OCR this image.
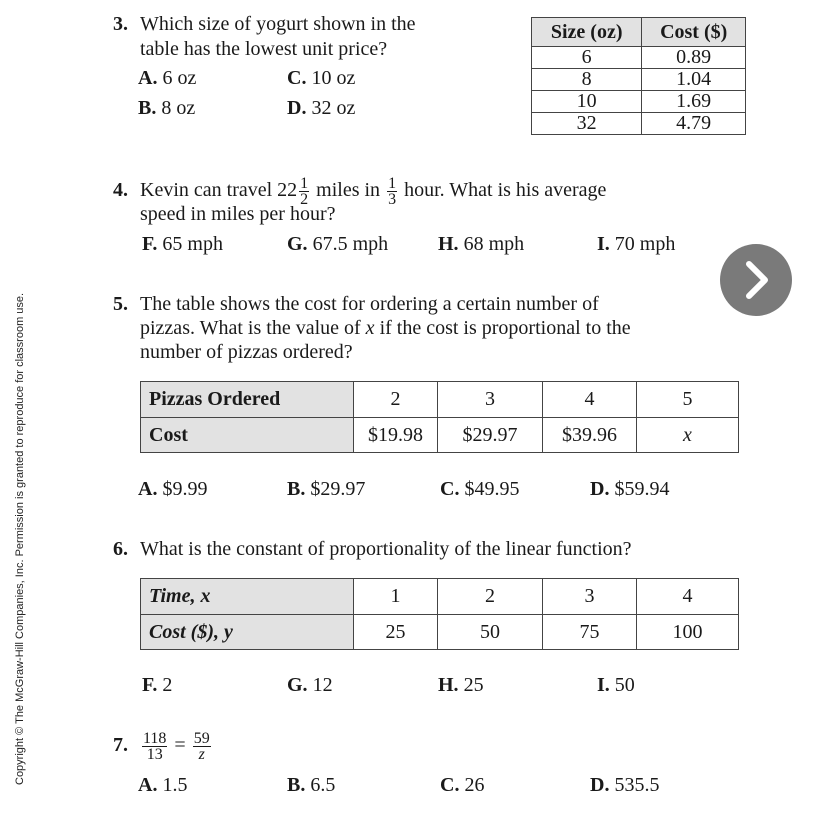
3. Which size of yogurt shown in the
table has the lowest unit price?
A. 6 oz
B. 8 oz
C. 10 oz
D. 32 oz
Size (oz)	Cost ($)
6	0.89
8	1.04
10	1.69
32	4.79
4. Kevin can travel $22 \frac{1}{2}$ miles in $\frac{1}{3}$ hour. What is his average
speed in miles per hour?
F. 65 mph	G. 67.5 mph H. 68 mph	I. 70 mph
5. The table shows the cost for ordering a certain number of
pizzas. What is the value of x if the cost is proportional to the
number of pizzas ordered?
Pizzas Ordered	2	3	4	5
Cost	$19.98	$29.97	$39.96	x
A. $9.99	B. $29.97	C. $49.95	D. $59.94
6. What is the constant of proportionality of the linear function?
Time, x	1	2	3	4
Cost ($), y	25	50	75	100
F. 2	G. 12	H. 25	I. 50
7. $\frac{118}{13} = \frac{59}{z}$
A. 1.5	B. 6.5	C. 26	D. 535.5
Copyright © The McGraw-Hill Companies, Inc. Permission is granted to reproduce for classroom use.
